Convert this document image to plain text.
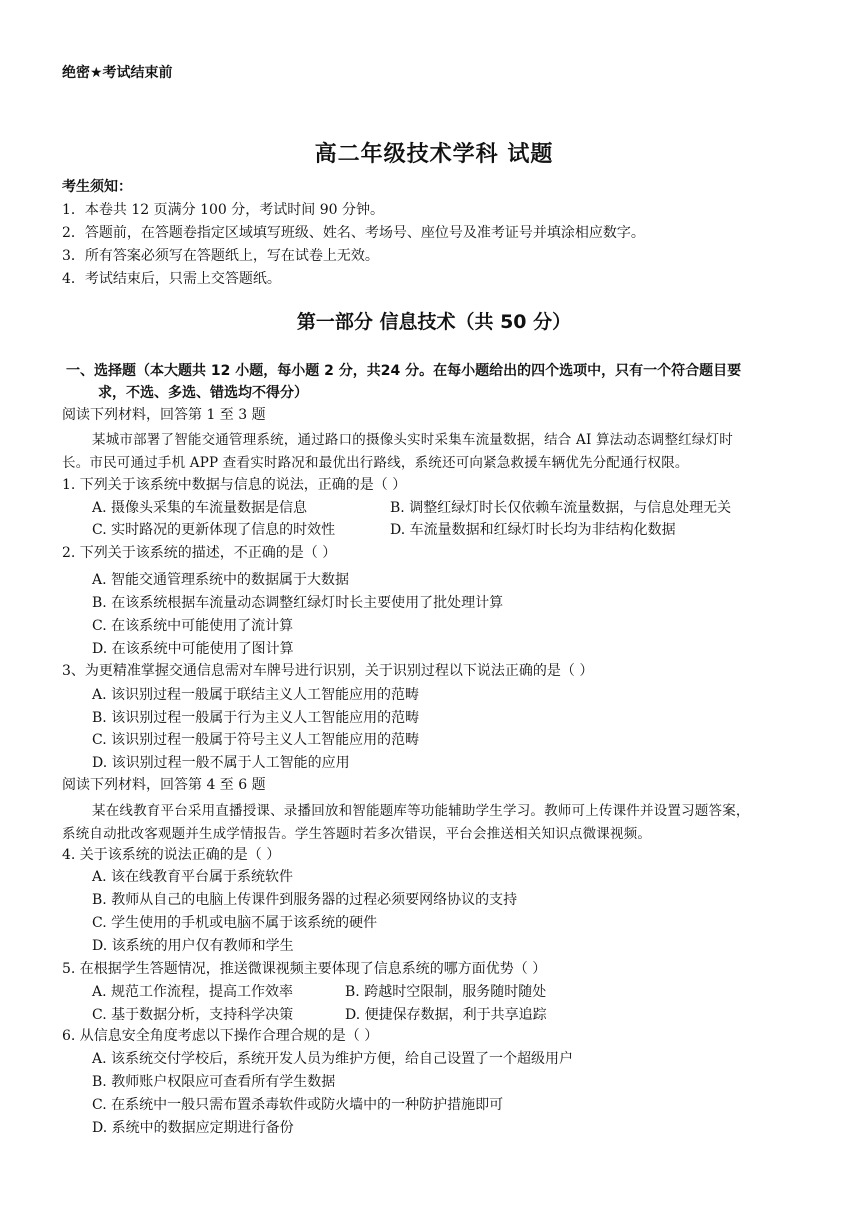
绝密★考试结束前
高二年级技术学科 试题
考生须知：
1．本卷共 12 页满分 100 分，考试时间 90 分钟。
2．答题前，在答题卷指定区域填写班级、姓名、考场号、座位号及准考证号并填涂相应数字。
3．所有答案必须写在答题纸上，写在试卷上无效。
4．考试结束后，只需上交答题纸。
第一部分 信息技术（共 50 分）
一、选择题（本大题共 12 小题，每小题 2 分，共24 分。在每小题给出的四个选项中，只有一个符合题目要
求，不选、多选、错选均不得分）
阅读下列材料，回答第 1 至 3 题
某城市部署了智能交通管理系统，通过路口的摄像头实时采集车流量数据，结合 AI 算法动态调整红绿灯时
长。市民可通过手机 APP 查看实时路况和最优出行路线，系统还可向紧急救援车辆优先分配通行权限。
1. 下列关于该系统中数据与信息的说法，正确的是（ ）
A. 摄像头采集的车流量数据是信息	B. 调整红绿灯时长仅依赖车流量数据，与信息处理无关
C. 实时路况的更新体现了信息的时效性	D. 车流量数据和红绿灯时长均为非结构化数据
2. 下列关于该系统的描述，不正确的是（ ）
A. 智能交通管理系统中的数据属于大数据
B. 在该系统根据车流量动态调整红绿灯时长主要使用了批处理计算
C. 在该系统中可能使用了流计算
D. 在该系统中可能使用了图计算
3、为更精准掌握交通信息需对车牌号进行识别，关于识别过程以下说法正确的是（ ）
A. 该识别过程一般属于联结主义人工智能应用的范畴
B. 该识别过程一般属于行为主义人工智能应用的范畴
C. 该识别过程一般属于符号主义人工智能应用的范畴
D. 该识别过程一般不属于人工智能的应用
阅读下列材料，回答第 4 至 6 题
某在线教育平台采用直播授课、录播回放和智能题库等功能辅助学生学习。教师可上传课件并设置习题答案，
系统自动批改客观题并生成学情报告。学生答题时若多次错误，平台会推送相关知识点微课视频。
4. 关于该系统的说法正确的是（ ）
A. 该在线教育平台属于系统软件
B. 教师从自己的电脑上传课件到服务器的过程必须要网络协议的支持
C. 学生使用的手机或电脑不属于该系统的硬件
D. 该系统的用户仅有教师和学生
5. 在根据学生答题情况，推送微课视频主要体现了信息系统的哪方面优势（ ）
A. 规范工作流程，提高工作效率	B. 跨越时空限制，服务随时随处
C. 基于数据分析，支持科学决策	D. 便捷保存数据，利于共享追踪
6. 从信息安全角度考虑以下操作合理合规的是（ ）
A. 该系统交付学校后，系统开发人员为维护方便，给自己设置了一个超级用户
B. 教师账户权限应可查看所有学生数据
C. 在系统中一般只需布置杀毒软件或防火墙中的一种防护措施即可
D. 系统中的数据应定期进行备份
